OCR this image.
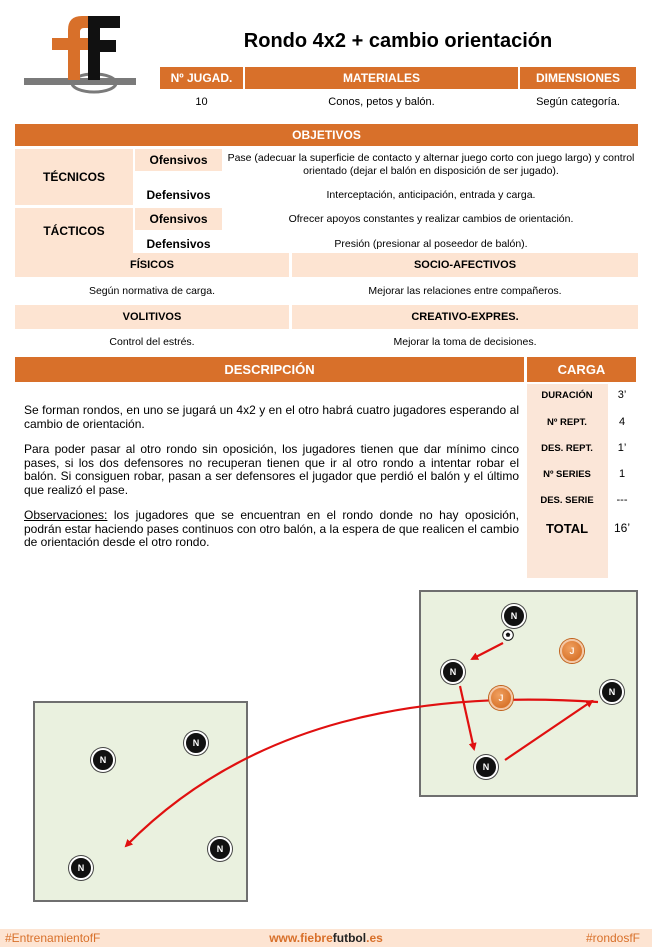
Rondo 4x2 + cambio orientación
Nº JUGAD.	MATERIALES	DIMENSIONES
10	Conos, petos y balón.	Según categoría.
OBJETIVOS
TÉCNICOS
Ofensivos	Pase (adecuar la superficie de contacto y alternar juego corto con juego largo) y control orientado (dejar el balón en disposición de ser jugado).
Defensivos	Interceptación, anticipación, entrada y carga.
TÁCTICOS
Ofensivos	Ofrecer apoyos constantes y realizar cambios de orientación.
Defensivos	Presión (presionar al poseedor de balón).
FÍSICOS	SOCIO-AFECTIVOS
Según normativa de carga.	Mejorar las relaciones entre compañeros.
VOLITIVOS	CREATIVO-EXPRES.
Control del estrés.	Mejorar la toma de decisiones.
DESCRIPCIÓN

Se forman rondos, en uno se jugará un 4x2 y en el otro habrá cuatro jugadores esperando al cambio de orientación.

Para poder pasar al otro rondo sin oposición, los jugadores tienen que dar mínimo cinco pases, si los dos defensores no recuperan tienen que ir al otro rondo a intentar robar el balón. Si consiguen robar, pasan a ser defensores el jugador que perdió el balón y el último que realizó el pase.

Observaciones: los jugadores que se encuentran en el rondo donde no hay oposición, podrán estar haciendo pases continuos con otro balón, a la espera de que realicen el cambio de orientación desde el otro rondo.

CARGA
DURACIÓN	3’
Nº REPT.	4
DES. REPT.	1’
Nº SERIES	1
DES. SERIE	---
TOTAL	16’
N
N
N
N
N
N
N
N
J
J
#EntrenamientofF	www.fiebrefutbol.es	#rondosfF
